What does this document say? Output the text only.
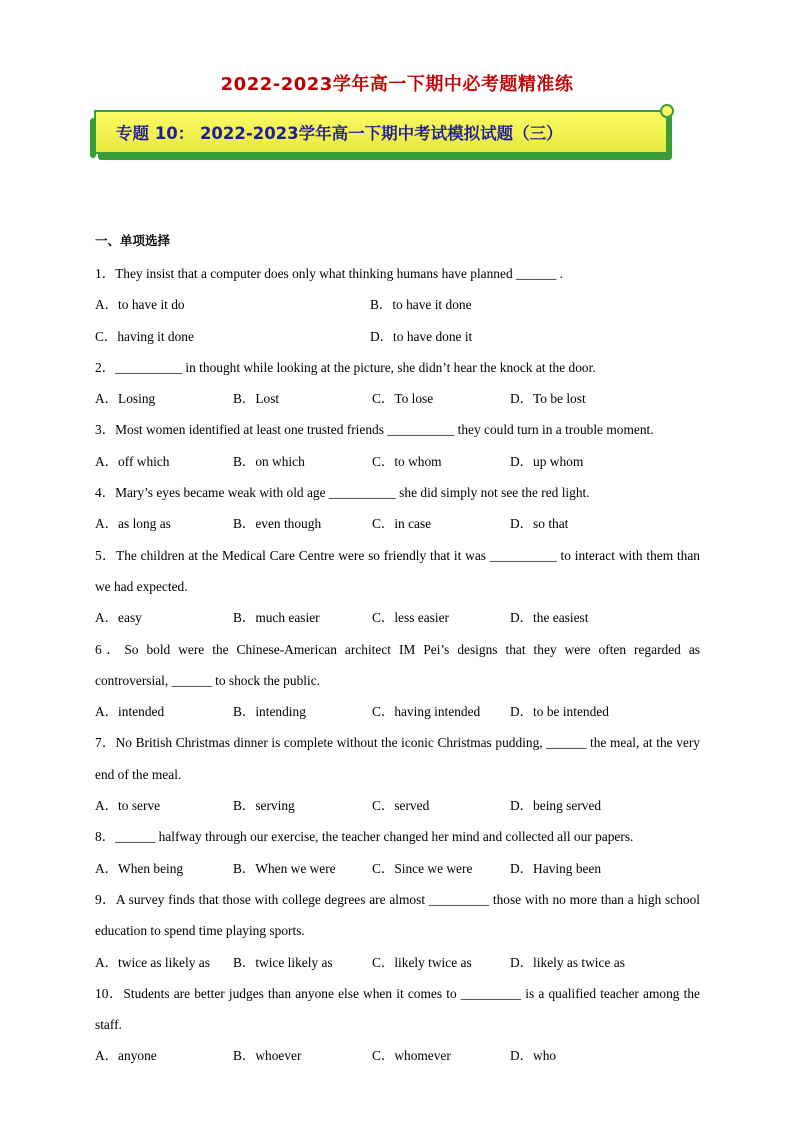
2022-2023学年高一下期中必考题精准练
专题 10： 2022-2023学年高一下期中考试模拟试题（三）
一、单项选择
1．They insist that a computer does only what thinking humans have planned ______ .
A．to have it do	B．to have it done
C．having it done	D．to have done it
2．__________ in thought while looking at the picture, she didn’t hear the knock at the door.
A．Losing	B．Lost	C．To lose	D．To be lost
3．Most women identified at least one trusted friends __________ they could turn in a trouble moment.
A．off which	B．on which	C．to whom	D．up whom
4．Mary’s eyes became weak with old age __________ she did simply not see the red light.
A．as long as	B．even though	C．in case	D．so that
5．The children at the Medical Care Centre were so friendly that it was __________ to interact with them than we had expected.
A．easy	B．much easier	C．less easier	D．the easiest
6．So bold were the Chinese-American architect IM Pei’s designs that they were often regarded as controversial, ______ to shock the public.
A．intended	B．intending	C．having intended D．to be intended
7．No British Christmas dinner is complete without the iconic Christmas pudding, ______ the meal, at the very end of the meal.
A．to serve	B．serving	C．served	D．being served
8．______ halfway through our exercise, the teacher changed her mind and collected all our papers.
A．When being	B．When we were	C．Since we were	D．Having been
9．A survey finds that those with college degrees are almost _________ those with no more than a high school education to spend time playing sports.
A．twice as likely as B．twice likely as	C．likely twice as	D．likely as twice as
10．Students are better judges than anyone else when it comes to _________ is a qualified teacher among the staff.
A．anyone	B．whoever	C．whomever	D．who
